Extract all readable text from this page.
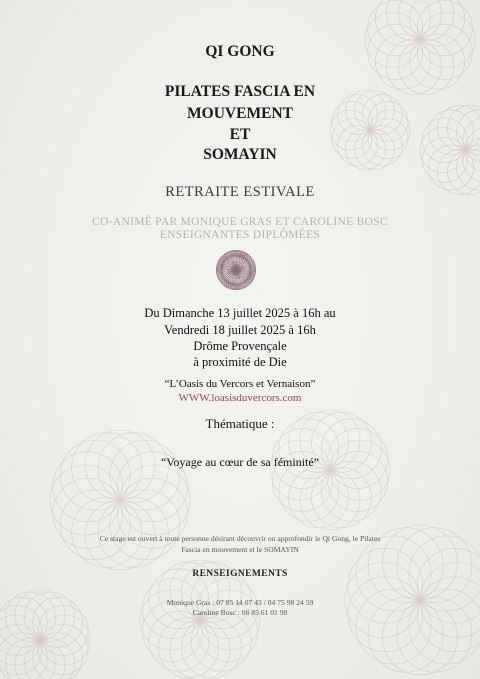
QI GONG
PILATES FASCIA EN
MOUVEMENT
ET
SOMAYIN
RETRAITE ESTIVALE
CO-ANIMÉ PAR MONIQUE GRAS ET CAROLINE BOSC
ENSEIGNANTES DIPLÔMÉES
Du Dimanche 13 juillet 2025 à 16h au
Vendredi 18 juillet 2025 à 16h
Drôme Provençale
à proximité de Die
“L’Oasis du Vercors et Vernaison”
WWW.loasisduvercors.com
Thématique :
“Voyage au cœur de sa féminité”
Ce stage est ouvert à toute personne désirant découvrir ou approfondir le Qi Gong, le Pilates
Fascia en mouvement et le SOMAYIN
RENSEIGNEMENTS
Monique Gras : 07 85 14 07 43 / 04 75 98 24 59
Caroline Bosc : 06 85 61 01 98
